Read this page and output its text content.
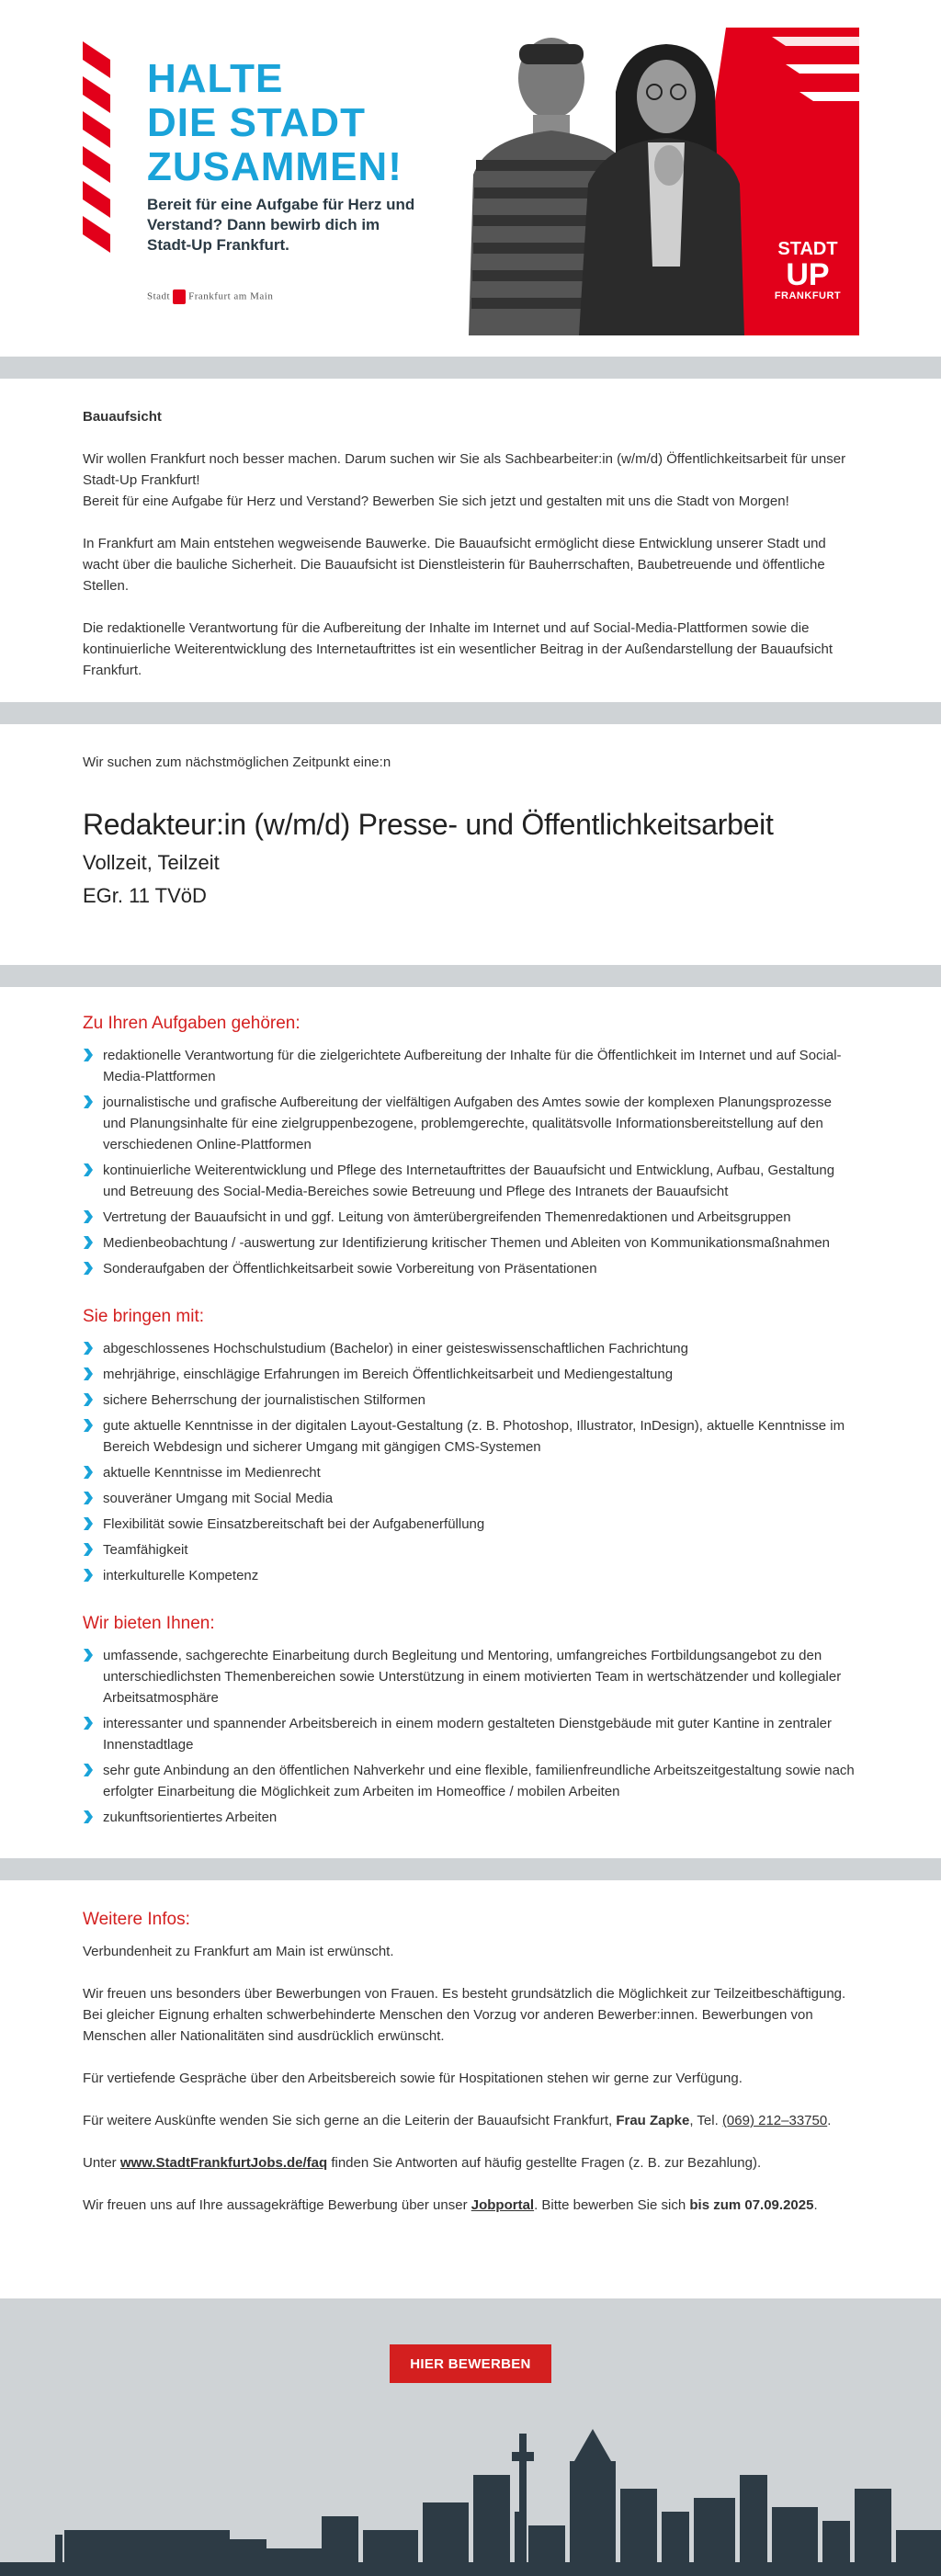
HALTE
DIE STADT
ZUSAMMEN!
Bereit für eine Aufgabe für Herz und Verstand? Dann bewirb dich im Stadt-Up Frankfurt.
Stadt Frankfurt am Main
STADT
UP
FRANKFURT

Bauaufsicht

Wir wollen Frankfurt noch besser machen. Darum suchen wir Sie als Sachbearbeiter:in (w/m/d) Öffentlichkeitsarbeit für unser Stadt-Up Frankfurt!

Bereit für eine Aufgabe für Herz und Verstand? Bewerben Sie sich jetzt und gestalten mit uns die Stadt von Morgen!

In Frankfurt am Main entstehen wegweisende Bauwerke. Die Bauaufsicht ermöglicht diese Entwicklung unserer Stadt und wacht über die bauliche Sicherheit. Die Bauaufsicht ist Dienstleisterin für Bauherrschaften, Baubetreuende und öffentliche Stellen.

Die redaktionelle Verantwortung für die Aufbereitung der Inhalte im Internet und auf Social-Media-Plattformen sowie die kontinuierliche Weiterentwicklung des Internetauftrittes ist ein wesentlicher Beitrag in der Außendarstellung der Bauaufsicht Frankfurt.

Wir suchen zum nächstmöglichen Zeitpunkt eine:n

Redakteur:in (w/m/d) Presse- und Öffentlichkeitsarbeit

Vollzeit, Teilzeit

EGr. 11 TVöD

Zu Ihren Aufgaben gehören:
redaktionelle Verantwortung für die zielgerichtete Aufbereitung der Inhalte für die Öffentlichkeit im Internet und auf Social-Media-Plattformen
journalistische und grafische Aufbereitung der vielfältigen Aufgaben des Amtes sowie der komplexen Planungsprozesse und Planungsinhalte für eine zielgruppenbezogene, problemgerechte, qualitätsvolle Informationsbereitstellung auf den verschiedenen Online-Plattformen
kontinuierliche Weiterentwicklung und Pflege des Internetauftrittes der Bauaufsicht und Entwicklung, Aufbau, Gestaltung und Betreuung des Social-Media-Bereiches sowie Betreuung und Pflege des Intranets der Bauaufsicht
Vertretung der Bauaufsicht in und ggf. Leitung von ämterübergreifenden Themenredaktionen und Arbeitsgruppen
Medienbeobachtung / -auswertung zur Identifizierung kritischer Themen und Ableiten von Kommunikationsmaßnahmen
Sonderaufgaben der Öffentlichkeitsarbeit sowie Vorbereitung von Präsentationen
Sie bringen mit:
abgeschlossenes Hochschulstudium (Bachelor) in einer geisteswissenschaftlichen Fachrichtung
mehrjährige, einschlägige Erfahrungen im Bereich Öffentlichkeitsarbeit und Mediengestaltung
sichere Beherrschung der journalistischen Stilformen
gute aktuelle Kenntnisse in der digitalen Layout-Gestaltung (z. B. Photoshop, Illustrator, InDesign), aktuelle Kenntnisse im Bereich Webdesign und sicherer Umgang mit gängigen CMS-Systemen
aktuelle Kenntnisse im Medienrecht
souveräner Umgang mit Social Media
Flexibilität sowie Einsatzbereitschaft bei der Aufgabenerfüllung
Teamfähigkeit
interkulturelle Kompetenz
Wir bieten Ihnen:
umfassende, sachgerechte Einarbeitung durch Begleitung und Mentoring, umfangreiches Fortbildungsangebot zu den unterschiedlichsten Themenbereichen sowie Unterstützung in einem motivierten Team in wertschätzender und kollegialer Arbeitsatmosphäre
interessanter und spannender Arbeitsbereich in einem modern gestalteten Dienstgebäude mit guter Kantine in zentraler Innenstadtlage
sehr gute Anbindung an den öffentlichen Nahverkehr und eine flexible, familienfreundliche Arbeitszeitgestaltung sowie nach erfolgter Einarbeitung die Möglichkeit zum Arbeiten im Homeoffice / mobilen Arbeiten
zukunftsorientiertes Arbeiten
Weitere Infos:

Verbundenheit zu Frankfurt am Main ist erwünscht.

Wir freuen uns besonders über Bewerbungen von Frauen. Es besteht grundsätzlich die Möglichkeit zur Teilzeitbeschäftigung. Bei gleicher Eignung erhalten schwerbehinderte Menschen den Vorzug vor anderen Bewerber:innen. Bewerbungen von Menschen aller Nationalitäten sind ausdrücklich erwünscht.

Für vertiefende Gespräche über den Arbeitsbereich sowie für Hospitationen stehen wir gerne zur Verfügung.

Für weitere Auskünfte wenden Sie sich gerne an die Leiterin der Bauaufsicht Frankfurt, Frau Zapke, Tel. (069) 212–33750.

Unter www.StadtFrankfurtJobs.de/faq finden Sie Antworten auf häufig gestellte Fragen (z. B. zur Bezahlung).

Wir freuen uns auf Ihre aussagekräftige Bewerbung über unser Jobportal. Bitte bewerben Sie sich bis zum 07.09.2025.

HIER BEWERBEN
